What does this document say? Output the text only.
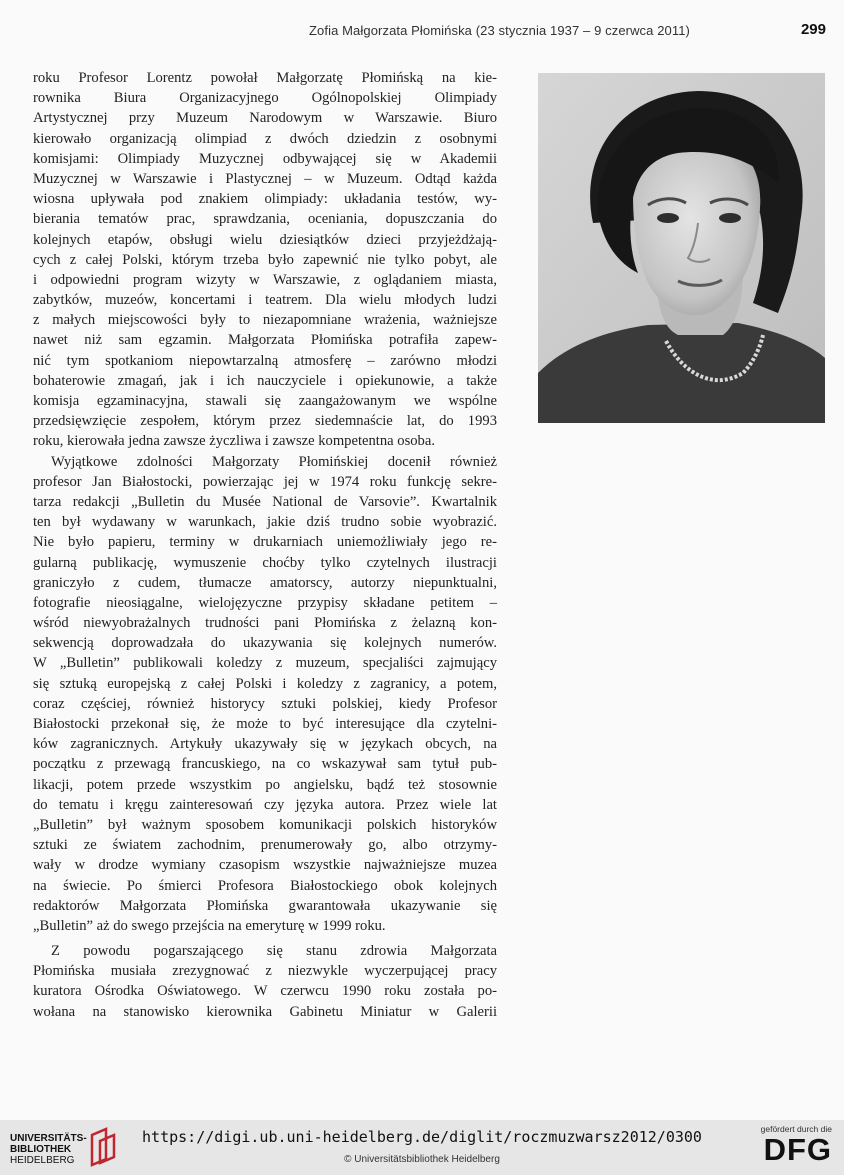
Zofia Małgorzata Płomińska (23 stycznia 1937 – 9 czerwca 2011)	299
roku Profesor Lorentz powołał Małgorzatę Płomińską na kie-
rownika Biura Organizacyjnego Ogólnopolskiej Olimpiady
Artystycznej przy Muzeum Narodowym w Warszawie. Biuro
kierowało organizacją olimpiad z dwóch dziedzin z osobnymi
komisjami: Olimpiady Muzycznej odbywającej się w Akademii
Muzycznej w Warszawie i Plastycznej – w Muzeum. Odtąd każda
wiosna upływała pod znakiem olimpiady: układania testów, wy-
bierania tematów prac, sprawdzania, oceniania, dopuszczania do
kolejnych etapów, obsługi wielu dziesiątków dzieci przyjeżdżają-
cych z całej Polski, którym trzeba było zapewnić nie tylko pobyt, ale
i odpowiedni program wizyty w Warszawie, z oglądaniem miasta,
zabytków, muzeów, koncertami i teatrem. Dla wielu młodych ludzi
z małych miejscowości były to niezapomniane wrażenia, ważniejsze
nawet niż sam egzamin. Małgorzata Płomińska potrafiła zapew-
nić tym spotkaniom niepowtarzalną atmosferę – zarówno młodzi
bohaterowie zmagań, jak i ich nauczyciele i opiekunowie, a także
komisja egzaminacyjna, stawali się zaangażowanym we wspólne
przedsięwzięcie zespołem, którym przez siedemnaście lat, do 1993
roku, kierowała jedna zawsze życzliwa i zawsze kompetentna osoba.
Wyjątkowe zdolności Małgorzaty Płomińskiej docenił również
profesor Jan Białostocki, powierzając jej w 1974 roku funkcję sekre-
tarza redakcji „Bulletin du Musée National de Varsovie”. Kwartalnik
ten był wydawany w warunkach, jakie dziś trudno sobie wyobrazić.
Nie było papieru, terminy w drukarniach uniemożliwiały jego re-
gularną publikację, wymuszenie choćby tylko czytelnych ilustracji
graniczyło z cudem, tłumacze amatorscy, autorzy niepunktualni,
fotografie nieosiągalne, wielojęzyczne przypisy składane petitem –
wśród niewyobrażalnych trudności pani Płomińska z żelazną kon-
sekwencją doprowadzała do ukazywania się kolejnych numerów.
W „Bulletin” publikowali koledzy z muzeum, specjaliści zajmujący
się sztuką europejską z całej Polski i koledzy z zagranicy, a potem,
coraz częściej, również historycy sztuki polskiej, kiedy Profesor
Białostocki przekonał się, że może to być interesujące dla czytelni-
ków zagranicznych. Artykuły ukazywały się w językach obcych, na
początku z przewagą francuskiego, na co wskazywał sam tytuł pub-
likacji, potem przede wszystkim po angielsku, bądź też stosownie
do tematu i kręgu zainteresowań czy języka autora. Przez wiele lat
„Bulletin” był ważnym sposobem komunikacji polskich historyków
sztuki ze światem zachodnim, prenumerowały go, albo otrzymy-
wały w drodze wymiany czasopism wszystkie najważniejsze muzea
na świecie. Po śmierci Profesora Białostockiego obok kolejnych
redaktorów Małgorzata Płomińska gwarantowała ukazywanie się
„Bulletin” aż do swego przejścia na emeryturę w 1999 roku.
Z powodu pogarszającego się stanu zdrowia Małgorzata
Płomińska musiała zrezygnować z niezwykle wyczerpującej pracy
kuratora Ośrodka Oświatowego. W czerwcu 1990 roku została po-
wołana na stanowisko kierownika Gabinetu Miniatur w Galerii
UNIVERSITÄTS-
BIBLIOTHEK
HEIDELBERG
https://digi.ub.uni-heidelberg.de/diglit/roczmuzwarsz2012/0300
© Universitätsbibliothek Heidelberg
gefördert durch die
DFG
